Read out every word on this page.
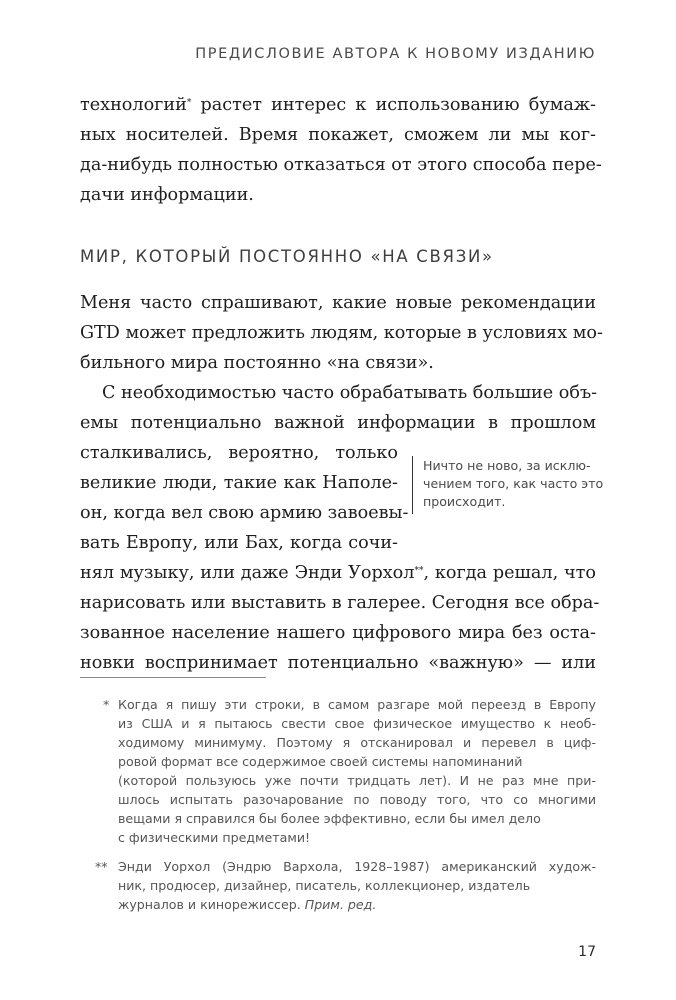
ПРЕДИСЛОВИЕ АВТОРА К НОВОМУ ИЗДАНИЮ
технологий* растет интерес к использованию бумаж-
ных носителей. Время покажет, сможем ли мы ког-
да-нибудь полностью отказаться от этого способа пере-
дачи информации.
МИР, КОТОРЫЙ ПОСТОЯННО «НА СВЯЗИ»
Меня часто спрашивают, какие новые рекомендации
GTD может предложить людям, которые в условиях мо-
бильного мира постоянно «на связи».
С необходимостью часто обрабатывать большие объ-
емы потенциально важной информации в прошлом
сталкивались, вероятно, только
великие люди, такие как Наполе-
он, когда вел свою армию завоевы-
вать Европу, или Бах, когда сочи-
нял музыку, или даже Энди Уорхол**, когда решал, что
нарисовать или выставить в галерее. Сегодня все обра-
зованное население нашего цифрового мира без оста-
новки воспринимает потенциально «важную» — или
Ничто не ново, за исклю-
чением того, как часто это
происходит.
* Когда я пишу эти строки, в самом разгаре мой переезд в Европу
из США и я пытаюсь свести свое физическое имущество к необ-
ходимому минимуму. Поэтому я отсканировал и перевел в циф-
ровой формат все содержимое своей системы напоминаний
(которой пользуюсь уже почти тридцать лет). И не раз мне при-
шлось испытать разочарование по поводу того, что со многими
вещами я справился бы более эффективно, если бы имел дело
с физическими предметами!
** Энди Уорхол (Эндрю Вархола, 1928–1987) американский худож-
ник, продюсер, дизайнер, писатель, коллекционер, издатель
журналов и кинорежиссер. Прим. ред.
17
